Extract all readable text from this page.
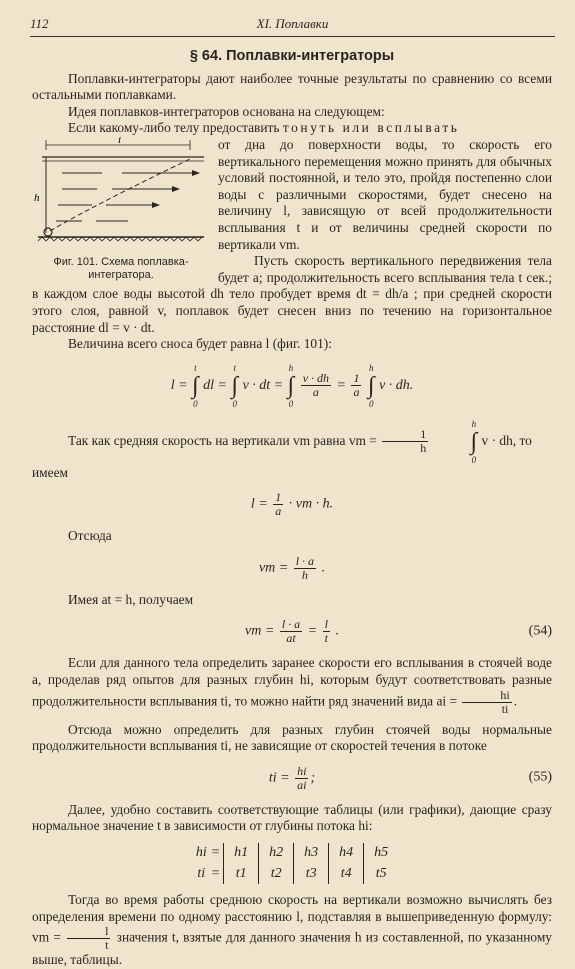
112	XI. Поплавки
§ 64. Поплавки-интеграторы

Поплавки-интеграторы дают наиболее точные результаты по сравнению со всеми остальными поплавками.

Идея поплавков-интеграторов основана на следующем:

Если какому-либо телу предоставить тонуть или всплывать

l
h
Фиг. 101. Схема поплавка-интегратора.

от дна до поверхности воды, то скорость его вертикального перемещения можно принять для обычных условий постоянной, и тело это, пройдя постепенно слои воды с различными скоростями, будет снесено на величину l, зависящую от всей продолжительности всплывания t и от величины средней скорости по вертикали vm.

Пусть скорость вертикального передвижения тела будет a; продолжительность всего всплывания тела t сек.; в каждом слое воды высотой dh тело пробудет время dt = dh/a ; при средней скорости этого слоя, равной v, поплавок будет снесен вниз по течению на горизонтальное расстояние dl = v · dt.

Величина всего сноса будет равна l (фиг. 101):

l =
t
∫
0
dl =
t
∫
0
v · dt =
h
∫
0

$\frac{v \cdot dh}{a} = \frac{1}{a}$

h
∫
0
v · dh.

Так как средняя скорость на вертикали vm равна vm = $\frac{1}{h}$

h
∫
0
v · dh, то

имеем

$l = \frac{1}{a}$ · vm · h.

Отсюда

vm = $\frac{l \cdot a}{h}$ .

Имея at = h, получаем

vm = $\frac{l \cdot a}{at} = \frac{l}{t}$ .	(54)

Если для данного тела определить заранее скорости его всплывания в стоячей воде a, проделав ряд опытов для разных глубин hi, которым будут соответствовать разные продолжительности всплывания ti, то можно найти ряд значений вида ai = $\frac{hi}{ti}$ .

Отсюда можно определить для разных глубин стоячей воды нормальные продолжительности всплывания ti, не зависящие от скоростей течения в потоке

ti = $\frac{hi}{ai}$ ;	(55)

Далее, удобно составить соответствующие таблицы (или графики), дающие сразу нормальное значение t в зависимости от глубины потока hi:

hi	=	h1	h2	h3	h4	h5
ti	=	t1	t2	t3	t4	t5

Тогда во время работы среднюю скорость на вертикали возможно вычислять без определения времени по одному расстоянию l, подставляя в вышеприведенную формулу: vm = $\frac{l}{t}$ значения t, взятые для данного значения h из составленной, по указанному выше, таблицы.
